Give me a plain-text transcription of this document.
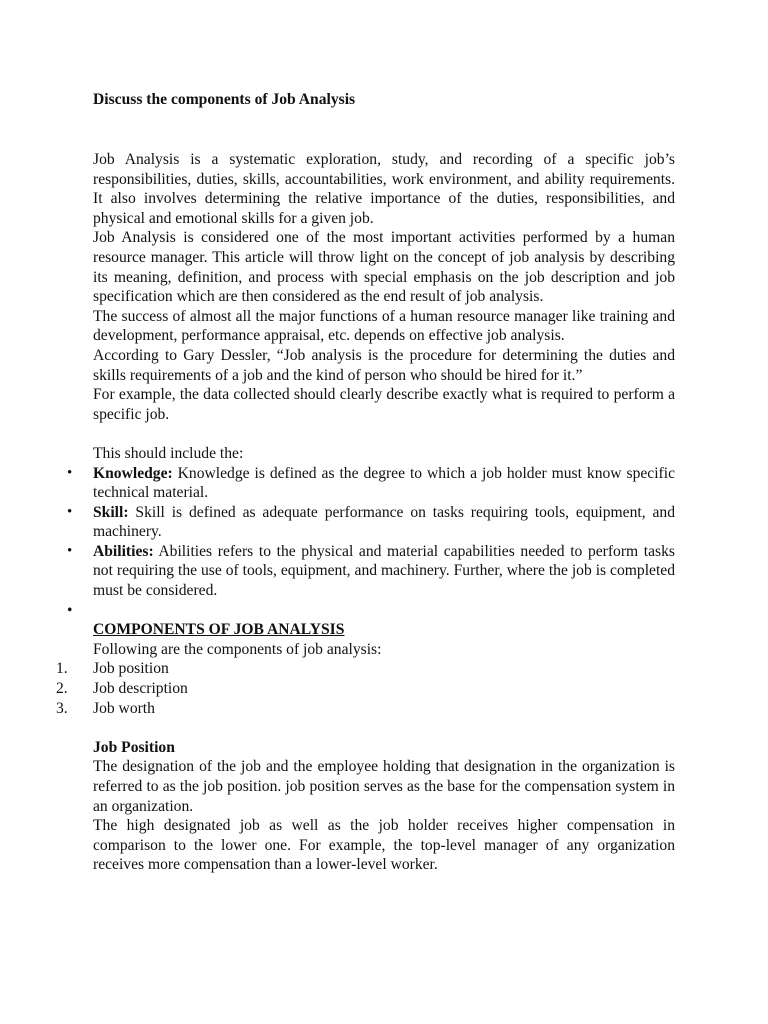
Discuss the components of Job Analysis

Job Analysis is a systematic exploration, study, and recording of a specific job’s responsibilities, duties, skills, accountabilities, work environment, and ability requirements. It also involves determining the relative importance of the duties, responsibilities, and physical and emotional skills for a given job.

Job Analysis is considered one of the most important activities performed by a human resource manager. This article will throw light on the concept of job analysis by describing its meaning, definition, and process with special emphasis on the job description and job specification which are then considered as the end result of job analysis.

The success of almost all the major functions of a human resource manager like training and development, performance appraisal, etc. depends on effective job analysis.

According to Gary Dessler, “Job analysis is the procedure for determining the duties and skills requirements of a job and the kind of person who should be hired for it.”

For example, the data collected should clearly describe exactly what is required to perform a specific job.

This should include the:

• Knowledge: Knowledge is defined as the degree to which a job holder must know specific technical material.
• Skill: Skill is defined as adequate performance on tasks requiring tools, equipment, and machinery.
• Abilities: Abilities refers to the physical and material capabilities needed to perform tasks not requiring the use of tools, equipment, and machinery. Further, where the job is completed must be considered.
•

COMPONENTS OF JOB ANALYSIS

Following are the components of job analysis:

1. Job position
2. Job description
3. Job worth

Job Position

The designation of the job and the employee holding that designation in the organization is referred to as the job position. job position serves as the base for the compensation system in an organization.

The high designated job as well as the job holder receives higher compensation in comparison to the lower one. For example, the top-level manager of any organization receives more compensation than a lower-level worker.
